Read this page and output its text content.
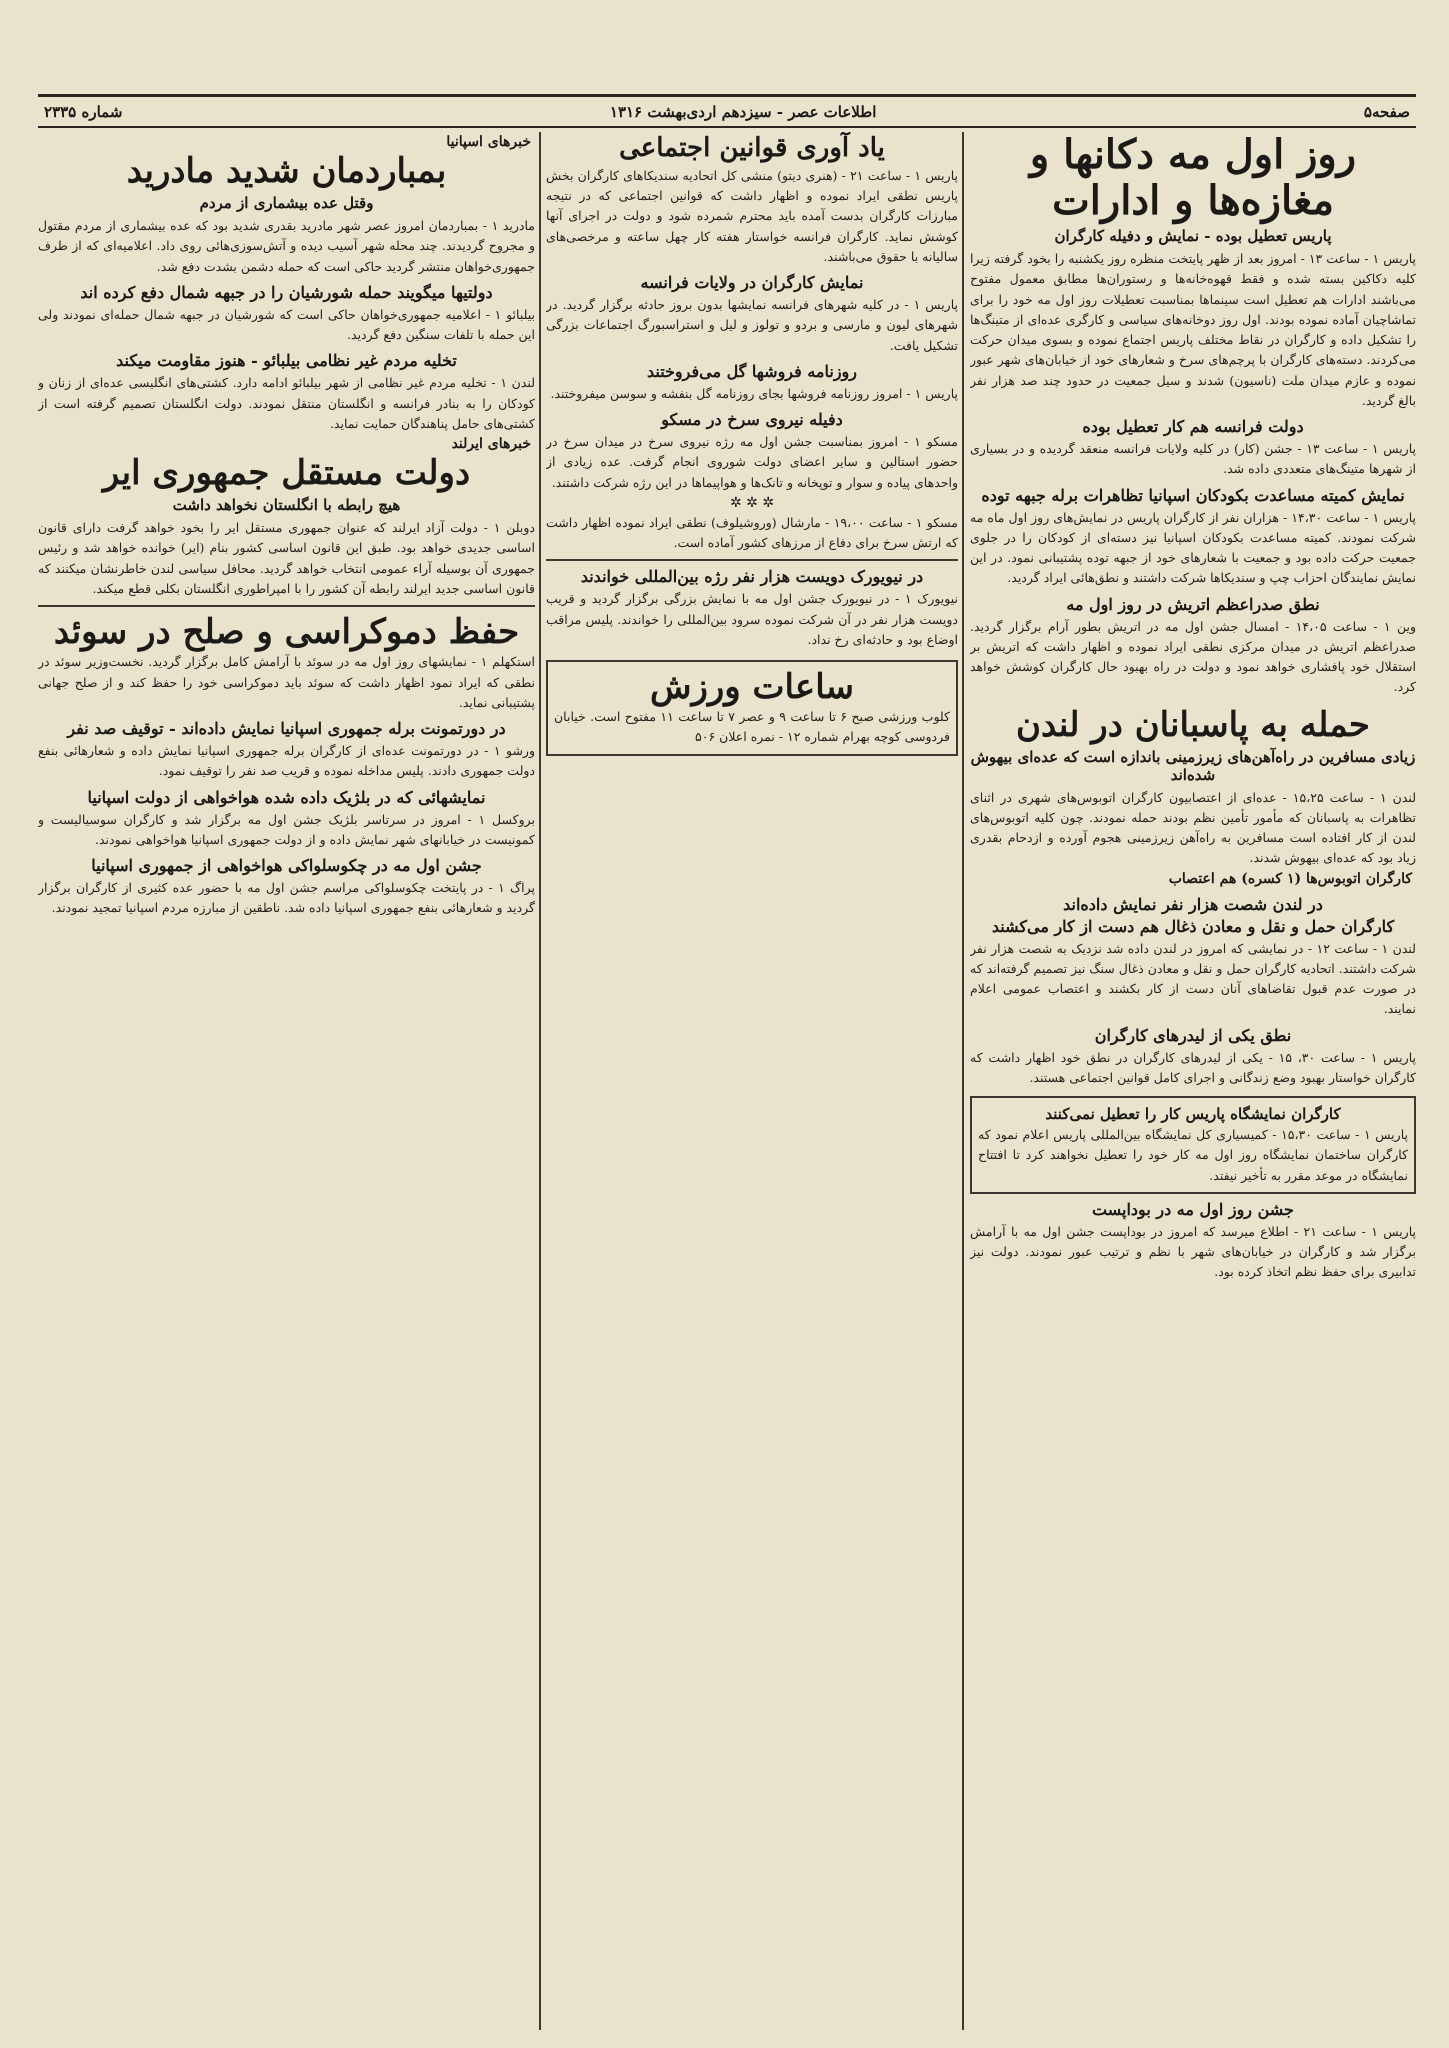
صفحه۵
اطلاعات عصر - سیزدهم اردی‌بهشت ۱۳۱۶
شماره ۲۳۳۵
روز اول مه دکانها و مغازه‌ها و ادارات
پاریس تعطیل بوده - نمایش و دفیله کارگران
پاریس ۱ - ساعت ۱۳ - امروز بعد از ظهر پایتخت منظره روز یکشنبه را بخود گرفته زیرا کلیه دکاکین بسته شده و فقط قهوه‌خانه‌ها و رستوران‌ها مطابق معمول مفتوح می‌باشند ادارات هم تعطیل است سینماها بمناسبت تعطیلات روز اول مه خود را برای تماشاچیان آماده نموده بودند. اول روز دوخانه‌های سیاسی و کارگری عده‌ای از متینگ‌ها را تشکیل داده و کارگران در نقاط مختلف پاریس اجتماع نموده و بسوی میدان حرکت می‌کردند. دسته‌های کارگران با پرچم‌های سرخ و شعارهای خود از خیابان‌های شهر عبور نموده و عازم میدان ملت (ناسیون) شدند و سیل جمعیت در حدود چند صد هزار نفر بالغ گردید.
دولت فرانسه هم کار تعطیل بوده
پاریس ۱ - ساعت ۱۳ - جشن (کار) در کلیه ولایات فرانسه منعقد گردیده و در بسیاری از شهرها متینگ‌های متعددی داده شد.
نمایش کمیته مساعدت بکودکان اسپانیا تظاهرات برله جبهه توده
پاریس ۱ - ساعت ۱۴،۳۰ - هزاران نفر از کارگران پاریس در نمایش‌های روز اول ماه مه شرکت نمودند. کمیته مساعدت بکودکان اسپانیا نیز دسته‌ای از کودکان را در جلوی جمعیت حرکت داده بود و جمعیت با شعارهای خود از جبهه توده پشتیبانی نمود. در این نمایش نمایندگان احزاب چپ و سندیکاها شرکت داشتند و نطق‌هائی ایراد گردید.
نطق صدراعظم اتریش در روز اول مه
وین ۱ - ساعت ۱۴،۰۵ - امسال جشن اول مه در اتریش بطور آرام برگزار گردید. صدراعظم اتریش در میدان مرکزی نطقی ایراد نموده و اظهار داشت که اتریش بر استقلال خود پافشاری خواهد نمود و دولت در راه بهبود حال کارگران کوشش خواهد کرد.
حمله به پاسبانان در لندن
زیادی مسافرین در راه‌آهن‌های زیرزمینی باندازه است که عده‌ای بیهوش شده‌اند
لندن ۱ - ساعت ۱۵،۲۵ - عده‌ای از اعتصابیون کارگران اتوبوس‌های شهری در اثنای تظاهرات به پاسبانان که مأمور تأمین نظم بودند حمله نمودند. چون کلیه اتوبوس‌های لندن از کار افتاده است مسافرین به راه‌آهن زیرزمینی هجوم آورده و ازدحام بقدری زیاد بود که عده‌ای بیهوش شدند.
کارگران اتوبوس‌ها (۱ کسره) هم اعتصاب
در لندن شصت هزار نفر نمایش داده‌اند
کارگران حمل و نقل و معادن ذغال هم دست از کار می‌کشند
لندن ۱ - ساعت ۱۲ - در نمایشی که امروز در لندن داده شد نزدیک به شصت هزار نفر شرکت داشتند. اتحادیه کارگران حمل و نقل و معادن ذغال سنگ نیز تصمیم گرفته‌اند که در صورت عدم قبول تقاضاهای آنان دست از کار بکشند و اعتصاب عمومی اعلام نمایند.
نطق یکی از لیدرهای کارگران
پاریس ۱ - ساعت ۳۰، ۱۵ - یکی از لیدرهای کارگران در نطق خود اظهار داشت که کارگران خواستار بهبود وضع زندگانی و اجرای کامل قوانین اجتماعی هستند.
کارگران نمایشگاه پاریس کار را تعطیل نمی‌کنند
پاریس ۱ - ساعت ۱۵،۳۰ - کمیسیاری کل نمایشگاه بین‌المللی پاریس اعلام نمود که کارگران ساختمان نمایشگاه روز اول مه کار خود را تعطیل نخواهند کرد تا افتتاح نمایشگاه در موعد مقرر به تأخیر نیفتد.
جشن روز اول مه در بوداپست
پاریس ۱ - ساعت ۲۱ - اطلاع میرسد که امروز در بوداپست جشن اول مه با آرامش برگزار شد و کارگران در خیابان‌های شهر با نظم و ترتیب عبور نمودند. دولت نیز تدابیری برای حفظ نظم اتخاذ کرده بود.
یاد آوری قوانین اجتماعی
پاریس ۱ - ساعت ۲۱ - (هنری دیتو) منشی کل اتحادیه سندیکاهای کارگران بخش پاریس نطقی ایراد نموده و اظهار داشت که قوانین اجتماعی که در نتیجه مبارزات کارگران بدست آمده باید محترم شمرده شود و دولت در اجرای آنها کوشش نماید. کارگران فرانسه خواستار هفته کار چهل ساعته و مرخصی‌های سالیانه با حقوق می‌باشند.
نمایش کارگران در ولایات فرانسه
پاریس ۱ - در کلیه شهرهای فرانسه نمایشها بدون بروز حادثه برگزار گردید. در شهرهای لیون و مارسی و بردو و تولوز و لیل و استراسبورگ اجتماعات بزرگی تشکیل یافت.
روزنامه فروشها گل می‌فروختند
پاریس ۱ - امروز روزنامه فروشها بجای روزنامه گل بنفشه و سوسن میفروختند.
دفیله نیروی سرخ در مسکو
مسکو ۱ - امروز بمناسبت جشن اول مه رژه نیروی سرخ در میدان سرخ در حضور استالین و سایر اعضای دولت شوروی انجام گرفت. عده زیادی از واحدهای پیاده و سوار و توپخانه و تانک‌ها و هواپیماها در این رژه شرکت داشتند.
✲ ✲ ✲
مسکو ۱ - ساعت ۱۹،۰۰ - مارشال (وروشیلوف) نطقی ایراد نموده اظهار داشت که ارتش سرخ برای دفاع از مرزهای کشور آماده است.
در نیویورک دویست هزار نفر رژه بین‌المللی خواندند
نیویورک ۱ - در نیویورک جشن اول مه با نمایش بزرگی برگزار گردید و قریب دویست هزار نفر در آن شرکت نموده سرود بین‌المللی را خواندند. پلیس مراقب اوضاع بود و حادثه‌ای رخ نداد.
ساعات ورزش
کلوب ورزشی صبح ۶ تا ساعت ۹ و عصر ۷ تا ساعت ۱۱ مفتوح است. خیابان فردوسی کوچه بهرام شماره ۱۲ - نمره اعلان ۵۰۶
خبرهای اسپانیا
بمباردمان شدید مادرید
وقتل عده بیشماری از مردم
مادرید ۱ - بمباردمان امروز عصر شهر مادرید بقدری شدید بود که عده بیشماری از مردم مقتول و مجروح گردیدند. چند محله شهر آسیب دیده و آتش‌سوزی‌هائی روی داد. اعلامیه‌ای که از طرف جمهوری‌خواهان منتشر گردید حاکی است که حمله دشمن بشدت دفع شد.
دولتیها میگویند حمله شورشیان را در جبهه شمال دفع کرده اند
بیلبائو ۱ - اعلامیه جمهوری‌خواهان حاکی است که شورشیان در جبهه شمال حمله‌ای نمودند ولی این حمله با تلفات سنگین دفع گردید.
تخلیه مردم غیر نظامی بیلبائو - هنوز مقاومت میکند
لندن ۱ - تخلیه مردم غیر نظامی از شهر بیلبائو ادامه دارد. کشتی‌های انگلیسی عده‌ای از زنان و کودکان را به بنادر فرانسه و انگلستان منتقل نمودند. دولت انگلستان تصمیم گرفته است از کشتی‌های حامل پناهندگان حمایت نماید.
خبرهای ایرلند
دولت مستقل جمهوری ایر
هیچ رابطه با انگلستان نخواهد داشت
دوبلن ۱ - دولت آزاد ایرلند که عنوان جمهوری مستقل ایر را بخود خواهد گرفت دارای قانون اساسی جدیدی خواهد بود. طبق این قانون اساسی کشور بنام (ایر) خوانده خواهد شد و رئیس جمهوری آن بوسیله آراء عمومی انتخاب خواهد گردید. محافل سیاسی لندن خاطرنشان میکنند که قانون اساسی جدید ایرلند رابطه آن کشور را با امپراطوری انگلستان بکلی قطع میکند.
حفظ دموکراسی و صلح در سوئد
استکهلم ۱ - نمایشهای روز اول مه در سوئد با آرامش کامل برگزار گردید. نخست‌وزیر سوئد در نطقی که ایراد نمود اظهار داشت که سوئد باید دموکراسی خود را حفظ کند و از صلح جهانی پشتیبانی نماید.
در دورتمونت برله جمهوری اسپانیا نمایش داده‌اند - توقیف صد نفر
ورشو ۱ - در دورتمونت عده‌ای از کارگران برله جمهوری اسپانیا نمایش داده و شعارهائی بنفع دولت جمهوری دادند. پلیس مداخله نموده و قریب صد نفر را توقیف نمود.
نمایشهائی که در بلژیک داده شده هواخواهی از دولت اسپانیا
بروکسل ۱ - امروز در سرتاسر بلژیک جشن اول مه برگزار شد و کارگران سوسیالیست و کمونیست در خیابانهای شهر نمایش داده و از دولت جمهوری اسپانیا هواخواهی نمودند.
جشن اول مه در چکوسلواکی هواخواهی از جمهوری اسپانیا
پراگ ۱ - در پایتخت چکوسلواکی مراسم جشن اول مه با حضور عده کثیری از کارگران برگزار گردید و شعارهائی بنفع جمهوری اسپانیا داده شد. ناطقین از مبارزه مردم اسپانیا تمجید نمودند.
